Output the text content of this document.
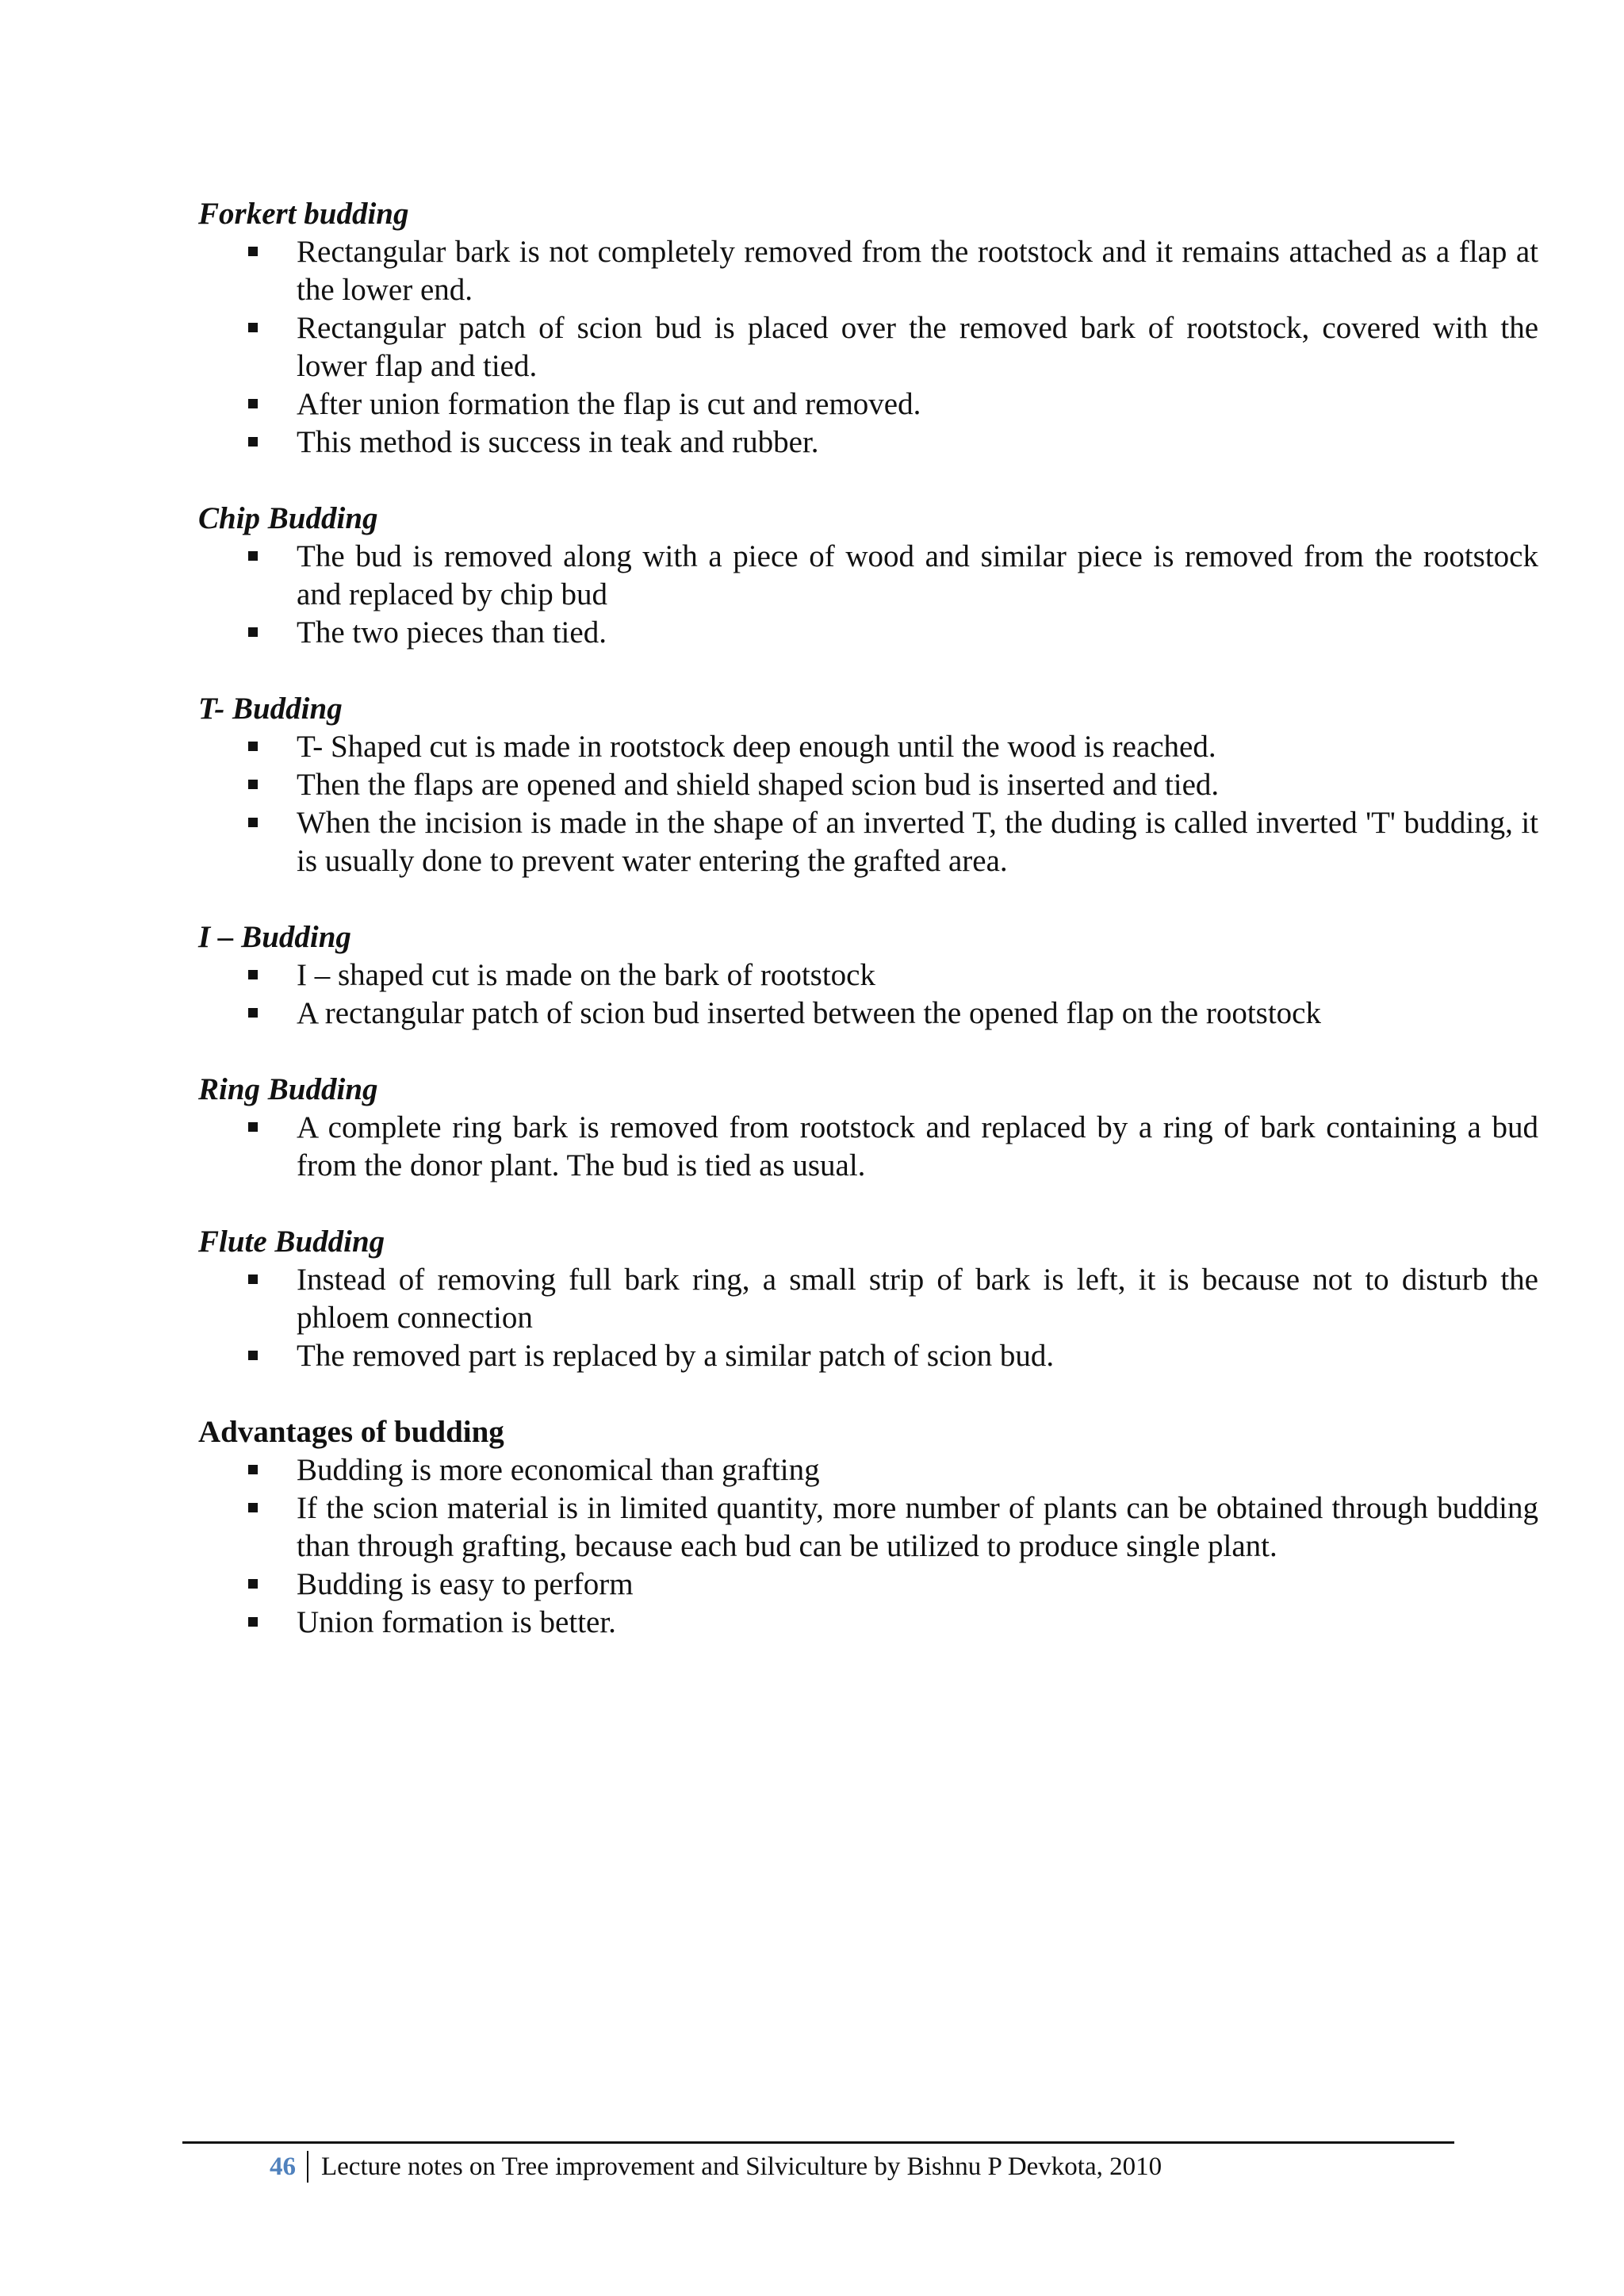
Forkert budding

Rectangular bark is not completely removed from the rootstock and it remains attached as a flap at the lower end.
Rectangular patch of scion bud is placed over the removed bark of rootstock, covered with the lower flap and tied.
After union formation the flap is cut and removed.
This method is success in teak and rubber.

Chip Budding

The bud is removed along with a piece of wood and similar piece is removed from the rootstock and replaced by chip bud
The two pieces than tied.

T- Budding

T- Shaped cut is made in rootstock deep enough until the wood is reached.
Then the flaps are opened and shield shaped scion bud is inserted and tied.
When the incision is made in the shape of an inverted T, the duding is called inverted 'T' budding, it is usually done to prevent water entering the grafted area.

I – Budding

I – shaped cut is made on the bark of rootstock
A rectangular patch of scion bud inserted between the opened flap on the rootstock

Ring Budding

A complete ring bark is removed from rootstock and replaced by a ring of bark containing a bud from the donor plant. The bud is tied as usual.

Flute Budding

Instead of removing full bark ring, a small strip of bark is left, it is because not to disturb the phloem connection
The removed part is replaced by a similar patch of scion bud.

Advantages of budding

Budding is more economical than grafting
If the scion material is in limited quantity, more number of plants can be obtained through budding than through grafting, because each bud can be utilized to produce single plant.
Budding is easy to perform
Union formation is better.
46 Lecture notes on Tree improvement and Silviculture by Bishnu P Devkota, 2010
